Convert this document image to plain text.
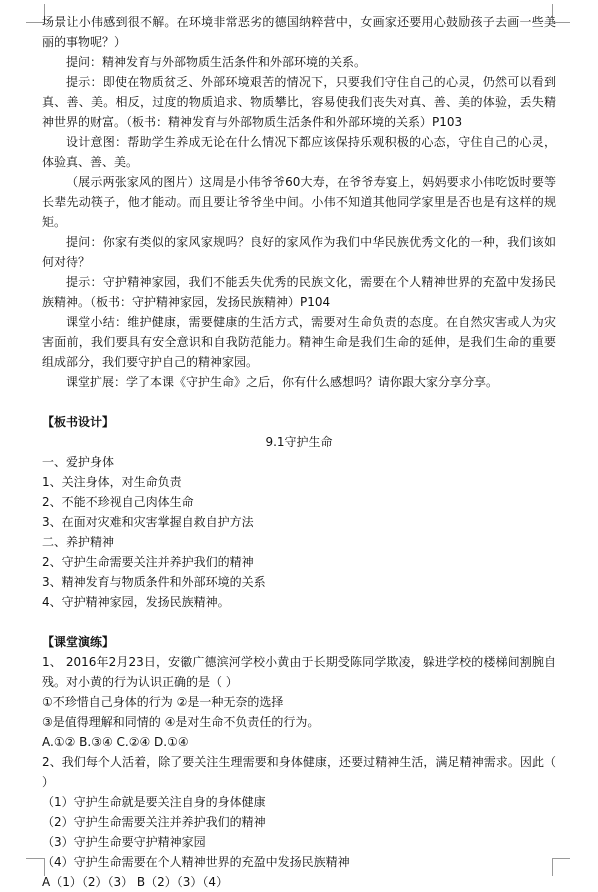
场景让小伟感到很不解。在环境非常恶劣的德国纳粹营中，女画家还要用心鼓励孩子去画一些美丽的事物呢？）

提问：精神发育与外部物质生活条件和外部环境的关系。

提示：即使在物质贫乏、外部环境艰苦的情况下，只要我们守住自己的心灵，仍然可以看到真、善、美。相反，过度的物质追求、物质攀比，容易使我们丧失对真、善、美的体验，丢失精神世界的财富。（板书：精神发育与外部物质生活条件和外部环境的关系）P103

设计意图：帮助学生养成无论在什么情况下都应该保持乐观积极的心态，守住自己的心灵，体验真、善、美。

（展示两张家风的图片）这周是小伟爷爷60大寿，在爷爷寿宴上，妈妈要求小伟吃饭时要等长辈先动筷子，他才能动。而且要让爷爷坐中间。小伟不知道其他同学家里是否也是有这样的规矩。

提问：你家有类似的家风家规吗？良好的家风作为我们中华民族优秀文化的一种，我们该如何对待？

提示：守护精神家园，我们不能丢失优秀的民族文化，需要在个人精神世界的充盈中发扬民族精神。（板书：守护精神家园，发扬民族精神）P104

课堂小结：维护健康，需要健康的生活方式，需要对生命负责的态度。在自然灾害或人为灾害面前，我们要具有安全意识和自我防范能力。精神生命是我们生命的延伸，是我们生命的重要组成部分，我们要守护自己的精神家园。

课堂扩展：学了本课《守护生命》之后，你有什么感想吗？请你跟大家分享分享。

【板书设计】

9.1守护生命

一、爱护身体

1、关注身体，对生命负责

2、不能不珍视自己肉体生命

3、在面对灾难和灾害掌握自救自护方法

二、养护精神

2、守护生命需要关注并养护我们的精神

3、精神发育与物质条件和外部环境的关系

4、守护精神家园，发扬民族精神。

【课堂演练】

1、 2016年2月23日，安徽广德滨河学校小黄由于长期受陈同学欺凌，躲进学校的楼梯间割腕自残。对小黄的行为认识正确的是（ ）

①不珍惜自己身体的行为 ②是一种无奈的选择

③是值得理解和同情的 ④是对生命不负责任的行为。

A.①② B.③④ C.②④ D.①④

2、我们每个人活着，除了要关注生理需要和身体健康，还要过精神生活，满足精神需求。因此（ ）

（1）守护生命就是要关注自身的身体健康

（2）守护生命需要关注并养护我们的精神

（3）守护生命要守护精神家园

（4）守护生命需要在个人精神世界的充盈中发扬民族精神

A（1）（2）（3） B（2）（3）（4）
